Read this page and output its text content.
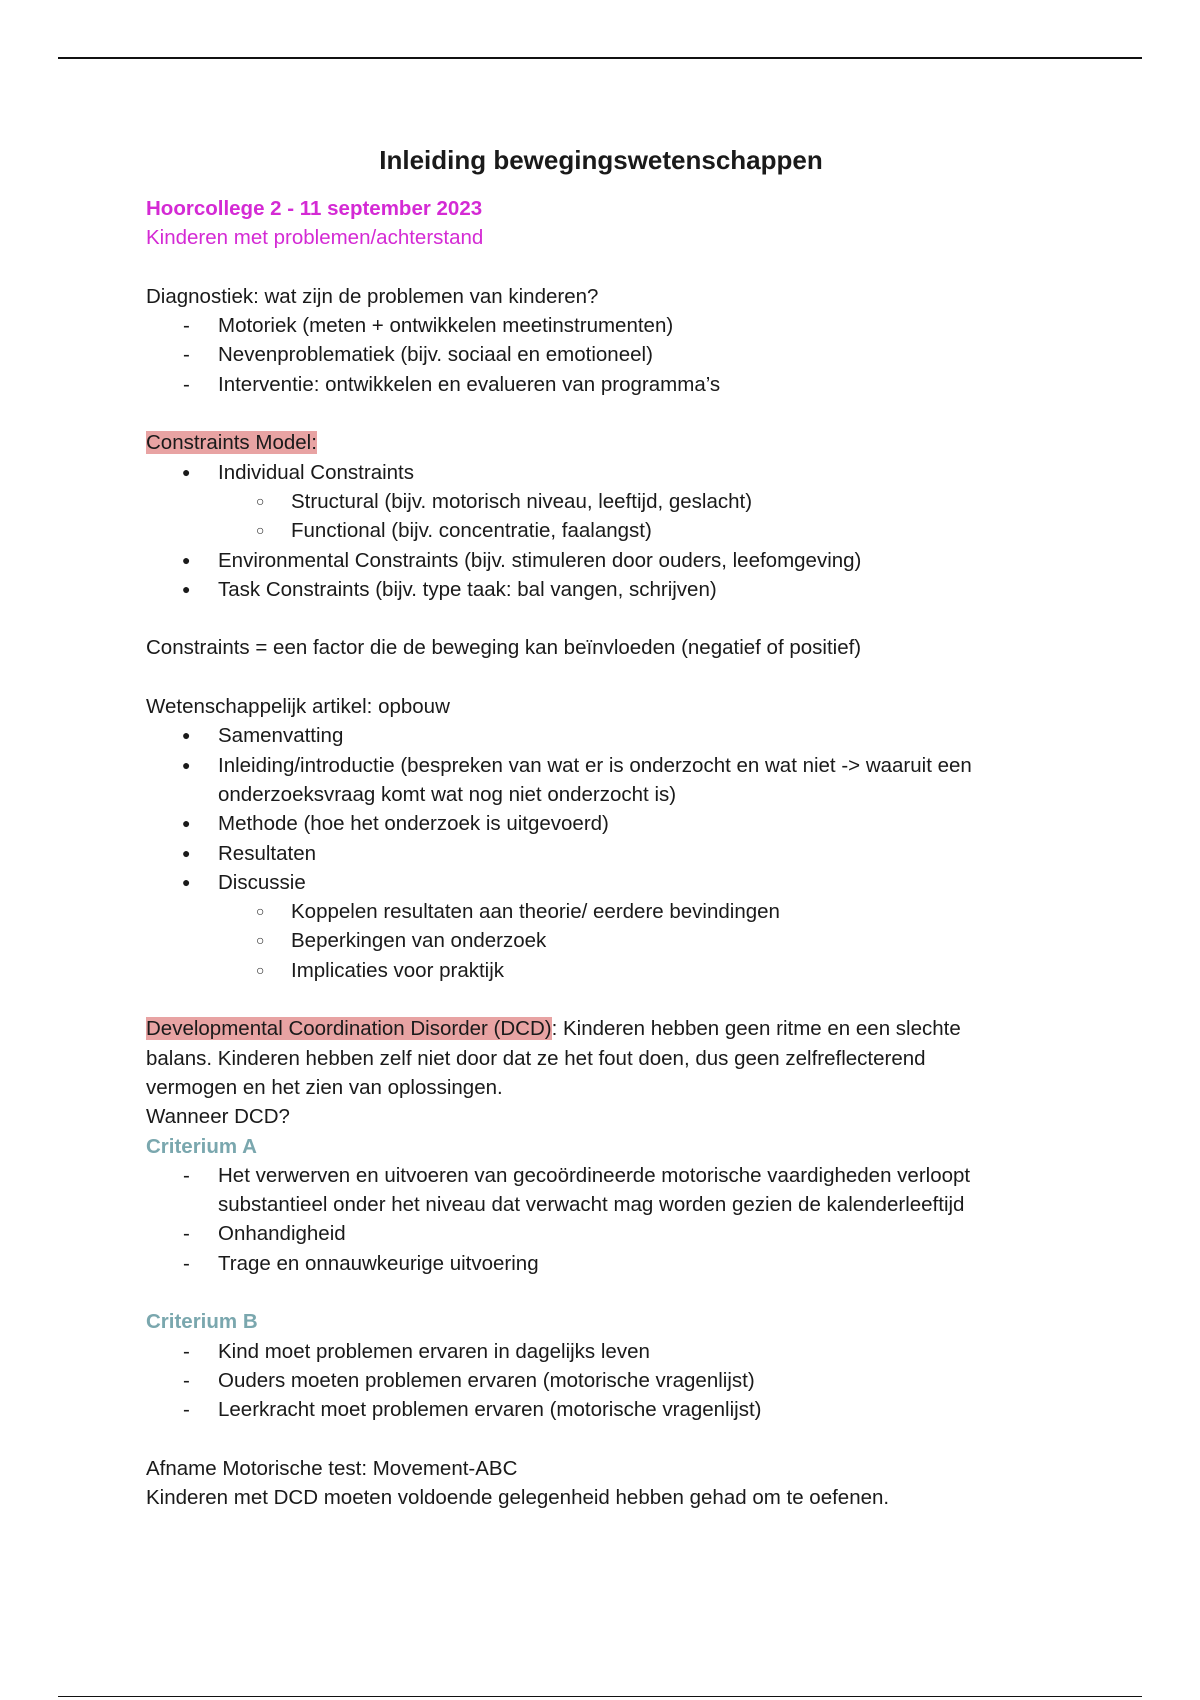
Inleiding bewegingswetenschappen
Hoorcollege 2 - 11 september 2023
Kinderen met problemen/achterstand
Diagnostiek: wat zijn de problemen van kinderen?
- Motoriek (meten + ontwikkelen meetinstrumenten)
- Nevenproblematiek (bijv. sociaal en emotioneel)
- Interventie: ontwikkelen en evalueren van programma’s
Constraints Model:
● Individual Constraints
○ Structural (bijv. motorisch niveau, leeftijd, geslacht)
○ Functional (bijv. concentratie, faalangst)
● Environmental Constraints (bijv. stimuleren door ouders, leefomgeving)
● Task Constraints (bijv. type taak: bal vangen, schrijven)
Constraints = een factor die de beweging kan beïnvloeden (negatief of positief)
Wetenschappelijk artikel: opbouw
● Samenvatting
● Inleiding/introductie (bespreken van wat er is onderzocht en wat niet -> waaruit een onderzoeksvraag komt wat nog niet onderzocht is)
● Methode (hoe het onderzoek is uitgevoerd)
● Resultaten
● Discussie
○ Koppelen resultaten aan theorie/ eerdere bevindingen
○ Beperkingen van onderzoek
○ Implicaties voor praktijk
Developmental Coordination Disorder (DCD): Kinderen hebben geen ritme en een slechte
balans. Kinderen hebben zelf niet door dat ze het fout doen, dus geen zelfreflecterend
vermogen en het zien van oplossingen.
Wanneer DCD?
Criterium A
- Het verwerven en uitvoeren van gecoördineerde motorische vaardigheden verloopt substantieel onder het niveau dat verwacht mag worden gezien de kalenderleeftijd
- Onhandigheid
- Trage en onnauwkeurige uitvoering
Criterium B
- Kind moet problemen ervaren in dagelijks leven
- Ouders moeten problemen ervaren (motorische vragenlijst)
- Leerkracht moet problemen ervaren (motorische vragenlijst)
Afname Motorische test: Movement-ABC
Kinderen met DCD moeten voldoende gelegenheid hebben gehad om te oefenen.
